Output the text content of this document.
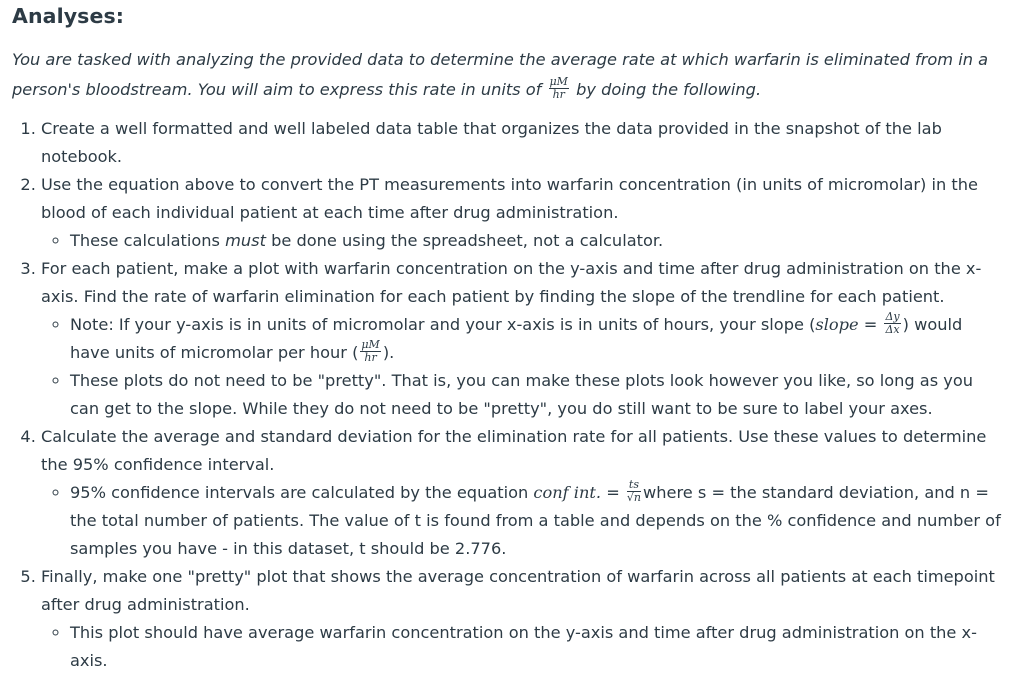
Analyses:

You are tasked with analyzing the provided data to determine the average rate at which warfarin is eliminated from in a person's bloodstream. You will aim to express this rate in units of $\frac{\mu M}{hr}$ by doing the following.

1. Create a well formatted and well labeled data table that organizes the data provided in the snapshot of the lab notebook.
2. Use the equation above to convert the PT measurements into warfarin concentration (in units of micromolar) in the blood of each individual patient at each time after drug administration.
◦ These calculations must be done using the spreadsheet, not a calculator.
3. For each patient, make a plot with warfarin concentration on the y-axis and time after drug administration on the x-axis. Find the rate of warfarin elimination for each patient by finding the slope of the trendline for each patient.
◦ Note: If your y-axis is in units of micromolar and your x-axis is in units of hours, your slope (slope = $\frac{\Delta y}{\Delta x}$ ) would have units of micromolar per hour ( $\frac{\mu M}{hr}$ ).
◦ These plots do not need to be "pretty". That is, you can make these plots look however you like, so long as you can get to the slope. While they do not need to be "pretty", you do still want to be sure to label your axes.
4. Calculate the average and standard deviation for the elimination rate for all patients. Use these values to determine the 95% confidence interval.
◦ 95% confidence intervals are calculated by the equation conf int. = $\frac{ts}{√n}$ where s = the standard deviation, and n = the total number of patients. The value of t is found from a table and depends on the % confidence and number of samples you have - in this dataset, t should be 2.776.
5. Finally, make one "pretty" plot that shows the average concentration of warfarin across all patients at each timepoint after drug administration.
◦ This plot should have average warfarin concentration on the y-axis and time after drug administration on the x-axis.
